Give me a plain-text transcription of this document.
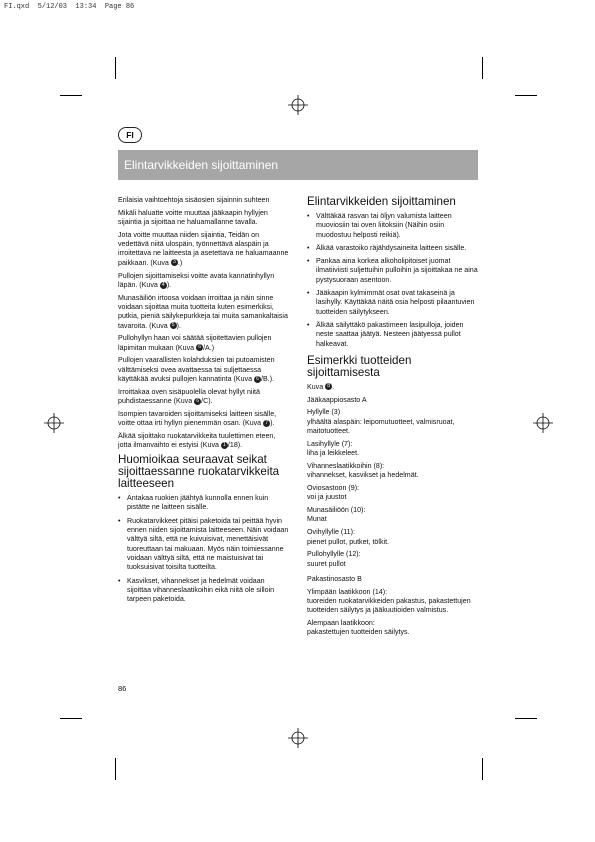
FI.qxd  5/12/03  13:34  Page 86
FI
Elintarvikkeiden sijoittaminen

Erilaisia vaihtoehtoja sisäosien sijainnin suhteen

Mikäli haluatte voitte muuttaa jääkaapin hyllyjen sijaintia ja sijoittaa ne haluamallanne tavalla.

Jota voitte muuttaa niiden sijaintia, Teidän on vedettävä niitä ulospäin, työnnettävä alaspäin ja irroitettava ne laitteesta ja asetettava ne haluamaanne paikkaan. (Kuva 3 .)

Pullojen sijoittamiseksi voitte avata kannatinhyllyn läpän. (Kuva 4 ).

Munasäiliön irtoosa voidaan irroittaa ja näin sinne voidaan sijoittaa muita tuotteita kuten esimerkiksi, putkia, pieniä säilykepurkkeja tai muita samankaltaisia tavaroita. (Kuva 5 ).

Pullohyllyn haan voi säätää sijoitettavien pullojen läpimitan mukaan (Kuva 6 /A.)

Pullojen vaarallisten kolahduksien tai putoamisten välttämiseksi ovea avattaessa tai suljettaessa käyttäkää avuksi pullojen kannatinta (Kuva 6 /B.).

Irroittakaa oven sisäpuolella olevat hyllyt niitä puhdistaessanne (Kuva 6 /C).

Isompien tavaroiden sijoittamiseksi laitteen sisälle, voitte ottaa irti hyllyn pienemmän osan. (Kuva 7 ).

Älkää sijoittako ruokatarvikkeita tuulettimen eteen, jotta ilmanvaihto ei estyisi (Kuva 1 /18).

Huomioikaa seuraavat seikat sijoittaessanne ruokatarvikkeita laitteeseen
• Antakaa ruokien jäähtyä kunnolla ennen kuin pistätte ne laitteen sisälle.
• Ruokatarvikkeet pitäisi paketoida tai peittää hyvin ennen niiden sijoittamista laitteeseen. Näin voidaan välttyä siltä, että ne kuivuisivat, menettäisivät tuoreuttaan tai makuaan. Myös näin toimiessanne voidaan välttyä siltä, että ne maistuisivat tai tuoksuisivat toisilta tuotteilta.
• Kasvikset, vihannekset ja hedelmät voidaan sijoittaa vihanneslaatikoihin eikä niitä ole silloin tarpeen paketoida.
Elintarvikkeiden sijoittaminen
• Välttäkää rasvan tai öljyn valumista laitteen muoviosiin tai oven liitoksiin (Näihin osiin muodostuu helposti reikiä).
• Älkää varastoiko räjähdysaineita laitteen sisälle.
• Pankaa aina korkea alkoholipitoiset juomat ilmatiiviisti suljettuihin pulloihin ja sijoittakaa ne aina pystysuoraan asentoon.
• Jääkaapin kylmimmät osat ovat takaseinä ja lasihylly. Käyttäkää näitä osia helposti pilaantuvien tuotteiden säilytykseen.
• Älkää säilyttäkö pakastimeen lasipulloja, joiden neste saattaa jäätyä. Nesteen jäätyessä pullot halkeavat.
Esimerkki tuotteiden sijoittamisesta

Kuva 8 .

Jääkaappiosasto A

Hyllylle (3)
ylhäältä alaspäin: leipomutuotteet, valmisruoat, maitotuotteet.

Lasihyllyle (7):
liha ja leikkeleet.

Vihanneslaatikkoihin (8):
vihannekset, kasvikset ja hedelmät.

Oviosastoon (9):
voi ja juustot

Munasäiliöön (10):
Munat

Ovihyllylle (11):
pienet pullot, putket, tölkit.

Pullohyllylle (12):
suuret pullot

Pakastinosasto B

Ylimpään laatikkoon (14):
tuoreiden ruokatarvikkeiden pakastus, pakastettujen tuotteiden säilytys ja jääkuutioiden valmistus.

Alempaan laatikkoon:
pakastettujen tuotteiden säilytys.

86
